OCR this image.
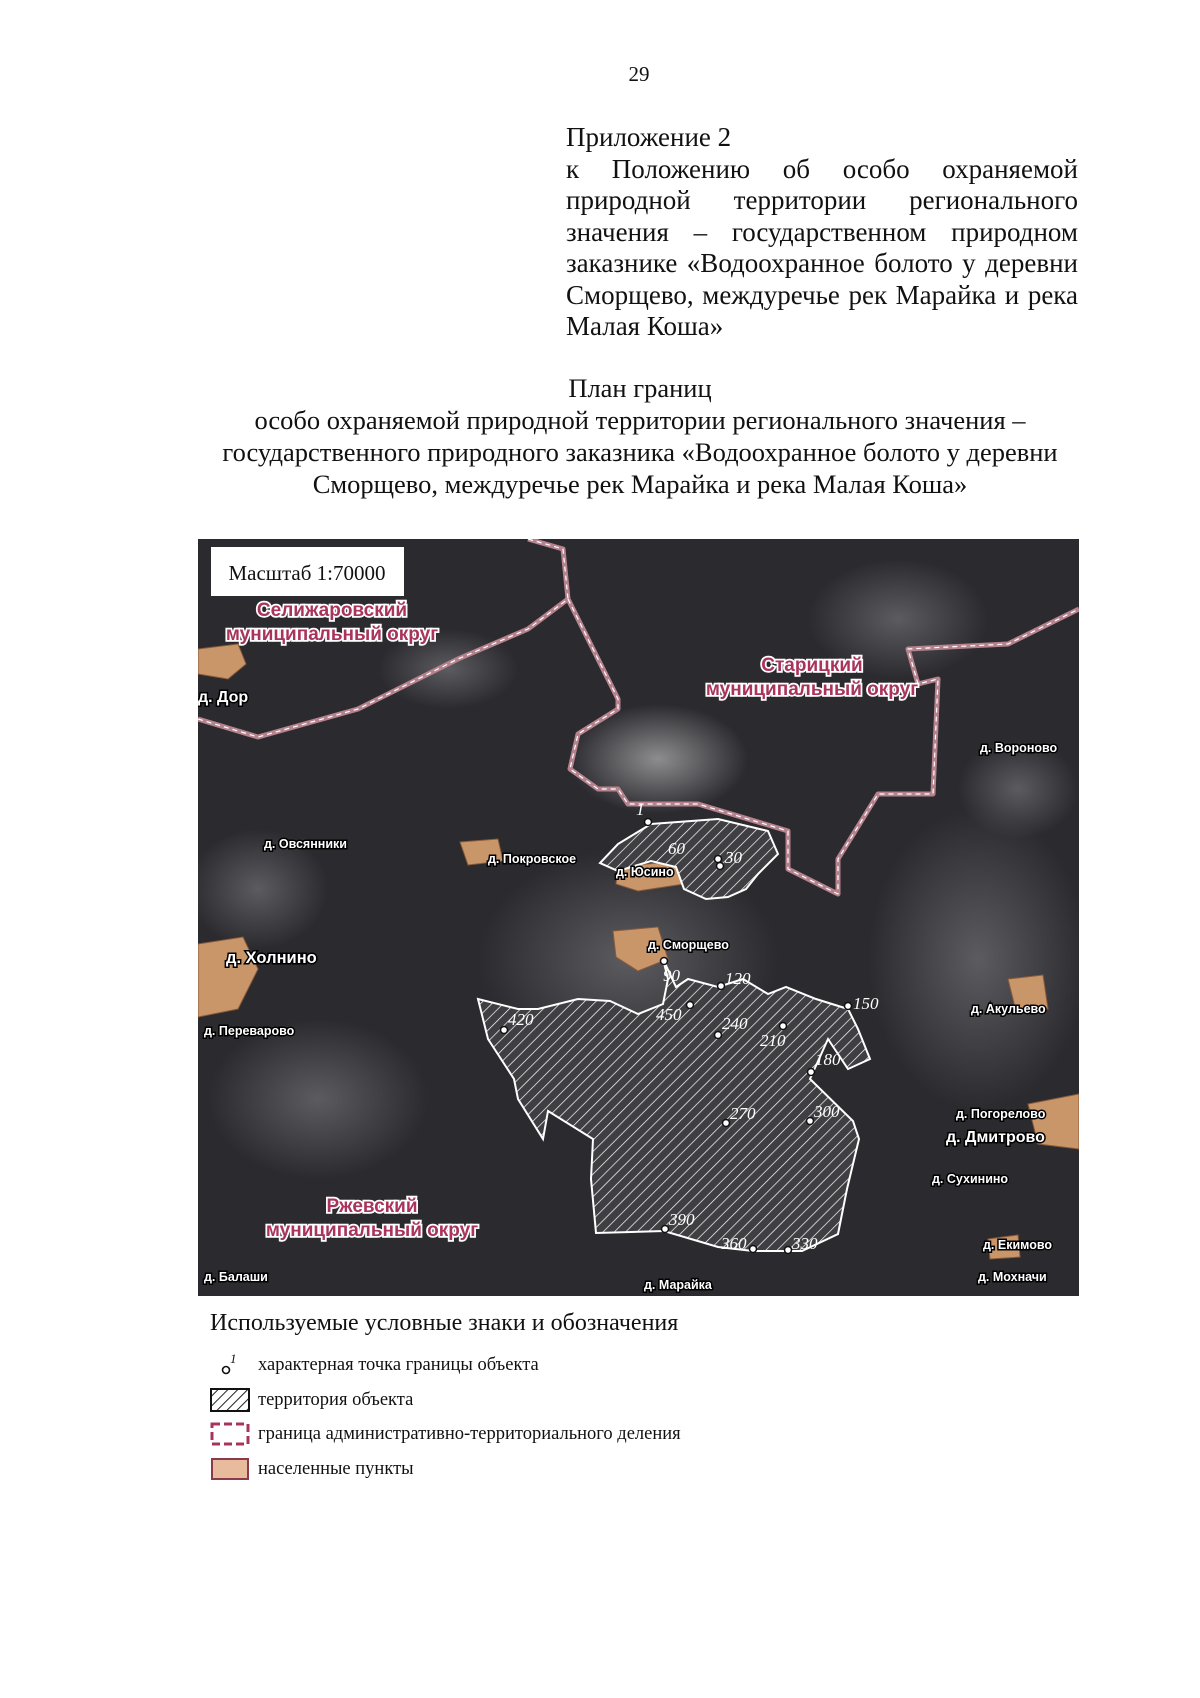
29
Приложение 2
к Положению об особо охраняемой природной территории регионального значения – государственном природном заказнике «Водоохранное болото у деревни Сморщево, междуречье рек Марайка и река Малая Коша»
План границ
особо охраняемой природной территории регионального значения –
государственного природного заказника «Водоохранное болото у деревни
Сморщево, междуречье рек Марайка и река Малая Коша»
1
60 30
90	120
150
450 240
210
180
420
270	300
390
360	330
д. Дор
д. Вороново
д. Овсянники
д. Покровское
д. Юсино
д. Сморщево
д. Холнино
д. Переварово
д. Акульево
д. Погорелово
д. Дмитрово
д. Сухинино
д. Екимово
д. Балаши
д. Марайка
д. Мохначи
Селижаровский
муниципальный округ
Старицкий
муниципальный округ
Ржевский
муниципальный округ
Масштаб 1:70000
Используемые условные знаки и обозначения
1 характерная точка границы объекта
территория объекта
граница административно-территориального деления
населенные пункты
